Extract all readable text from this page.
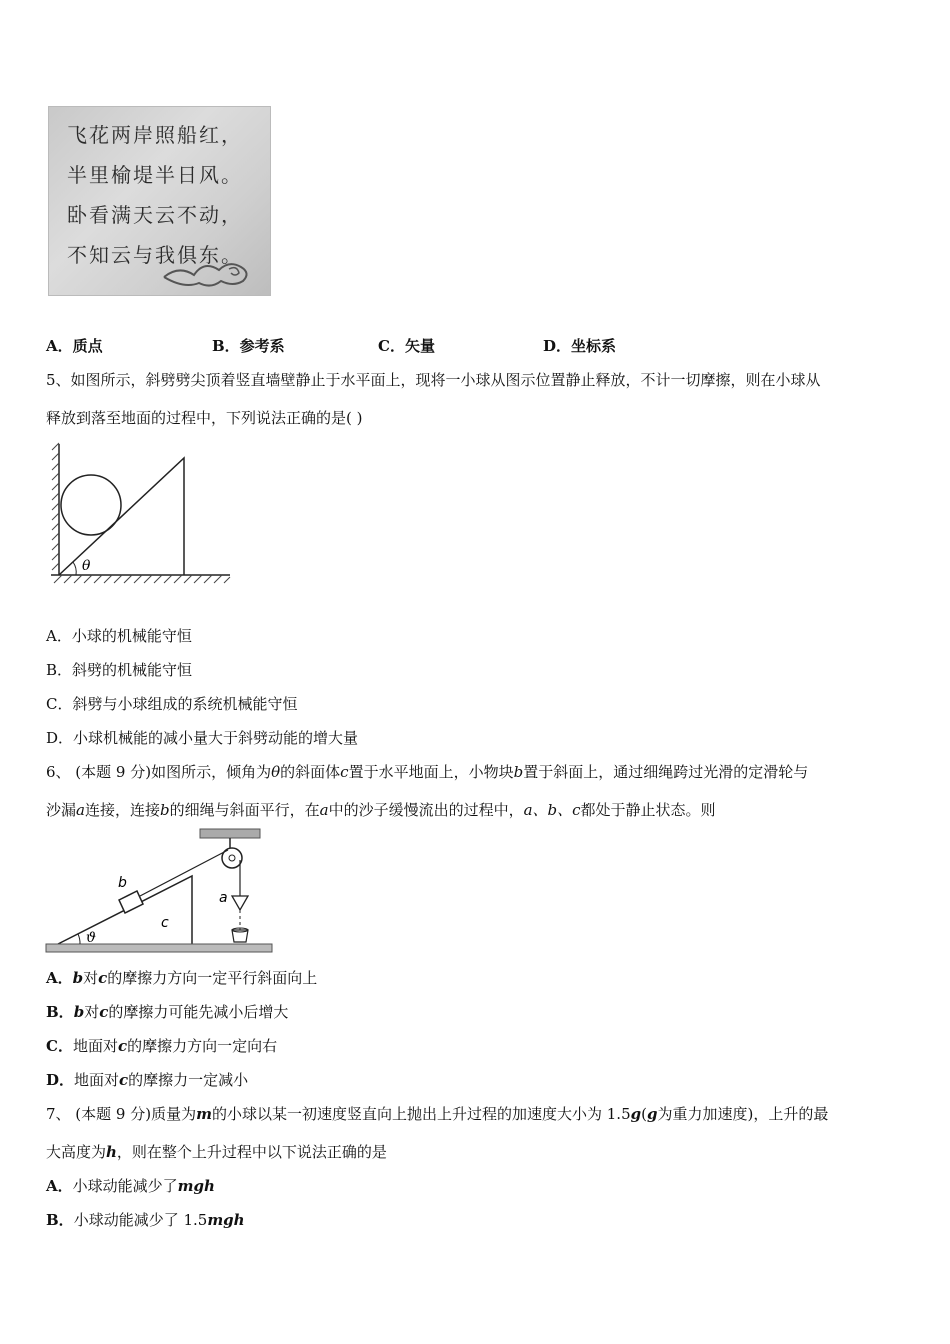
飞花两岸照船红，
半里榆堤半日风。
卧看满天云不动，
不知云与我俱东。
A．质点	B．参考系	C．矢量	D．坐标系
5、如图所示，斜劈劈尖顶着竖直墙壁静止于水平面上，现将一小球从图示位置静止释放，不计一切摩擦，则在小球从
释放到落至地面的过程中，下列说法正确的是( )
θ
A．小球的机械能守恒
B．斜劈的机械能守恒
C．斜劈与小球组成的系统机械能守恒
D．小球机械能的减小量大于斜劈动能的增大量
6、 (本题 9 分)如图所示，倾角为θ的斜面体c置于水平地面上，小物块b置于斜面上，通过细绳跨过光滑的定滑轮与
沙漏a连接，连接b的细绳与斜面平行，在a中的沙子缓慢流出的过程中，a、b、c都处于静止状态。则
b
c
a
ϑ
A．b对c的摩擦力方向一定平行斜面向上
B．b对c的摩擦力可能先减小后增大
C．地面对c的摩擦力方向一定向右
D．地面对c的摩擦力一定减小
7、 (本题 9 分)质量为m的小球以某一初速度竖直向上抛出上升过程的加速度大小为 1.5g(g为重力加速度)，上升的最
大高度为h，则在整个上升过程中以下说法正确的是
A．小球动能减少了mgh
B．小球动能减少了 1.5mgh
